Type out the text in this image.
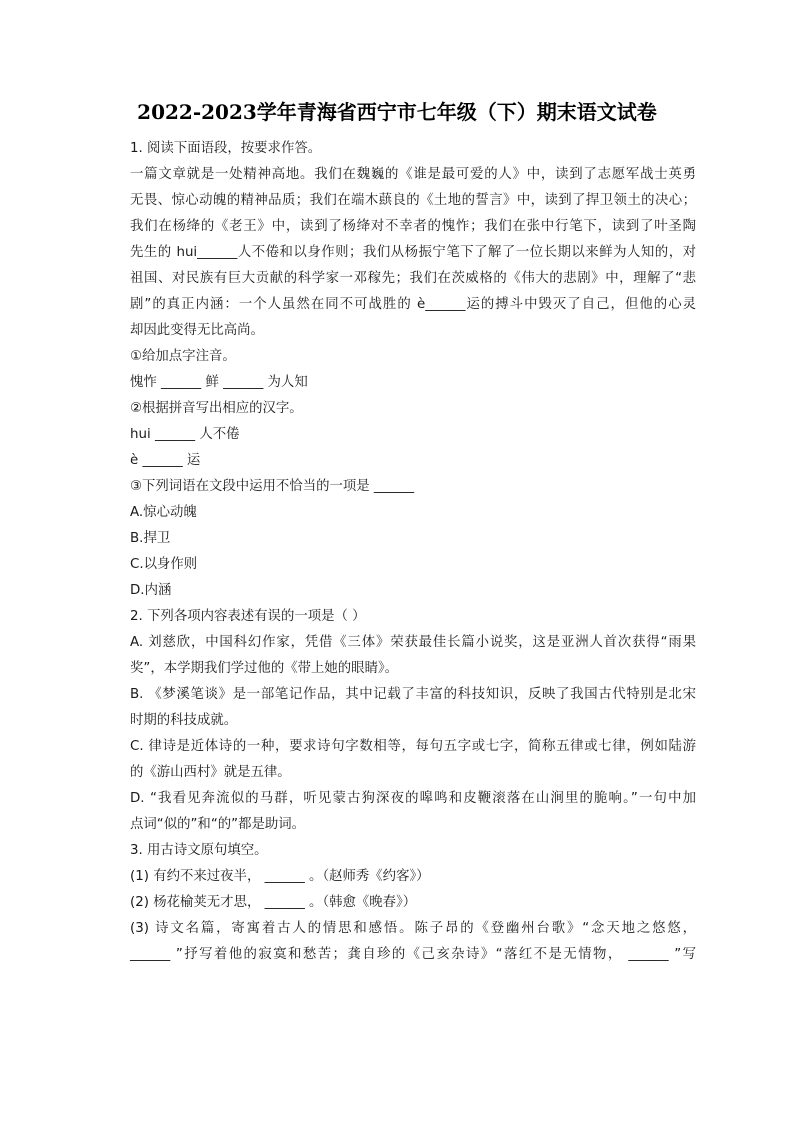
2022-2023学年青海省西宁市七年级（下）期末语文试卷
1. 阅读下面语段，按要求作答。
一篇文章就是一处精神高地。我们在魏巍的《谁是最可爱的人》中，读到了志愿军战士英勇
无畏、惊心动魄的精神品质；我们在端木蕻良的《土地的誓言》中，读到了捍卫领土的决心；
我们在杨绛的《老王》中，读到了杨绛对不幸者的愧怍；我们在张中行笔下，读到了叶圣陶
先生的 hui______人不倦和以身作则；我们从杨振宁笔下了解了一位长期以来鲜为人知的，对
祖国、对民族有巨大贡献的科学家一邓稼先；我们在茨威格的《伟大的悲剧》中，理解了“悲
剧”的真正内涵：一个人虽然在同不可战胜的 è______运的搏斗中毁灭了自己，但他的心灵
却因此变得无比高尚。
①给加点字注音。
愧怍 ______ 鲜 ______ 为人知
②根据拼音写出相应的汉字。
hui ______ 人不倦
è ______ 运
③下列词语在文段中运用不恰当的一项是 ______
A.惊心动魄
B.捍卫
C.以身作则
D.内涵
2. 下列各项内容表述有误的一项是（ ）
A. 刘慈欣，中国科幻作家，凭借《三体》荣获最佳长篇小说奖，这是亚洲人首次获得“雨果
奖”，本学期我们学过他的《带上她的眼睛》。
B. 《梦溪笔谈》是一部笔记作品，其中记载了丰富的科技知识，反映了我国古代特别是北宋
时期的科技成就。
C. 律诗是近体诗的一种，要求诗句字数相等，每句五字或七字，简称五律或七律，例如陆游
的《游山西村》就是五律。
D. “我看见奔流似的马群，听见蒙古狗深夜的嗥鸣和皮鞭滚落在山涧里的脆响。”一句中加
点词“似的”和“的”都是助词。
3. 用古诗文原句填空。
(1) 有约不来过夜半， ______ 。（赵师秀《约客》）
(2) 杨花榆荚无才思， ______ 。（韩愈《晚春》）
(3) 诗文名篇，寄寓着古人的情思和感悟。陈子昂的《登幽州台歌》“念天地之悠悠，
______ ”抒写着他的寂寞和愁苦；龚自珍的《己亥杂诗》“落红不是无情物， ______ ”写
